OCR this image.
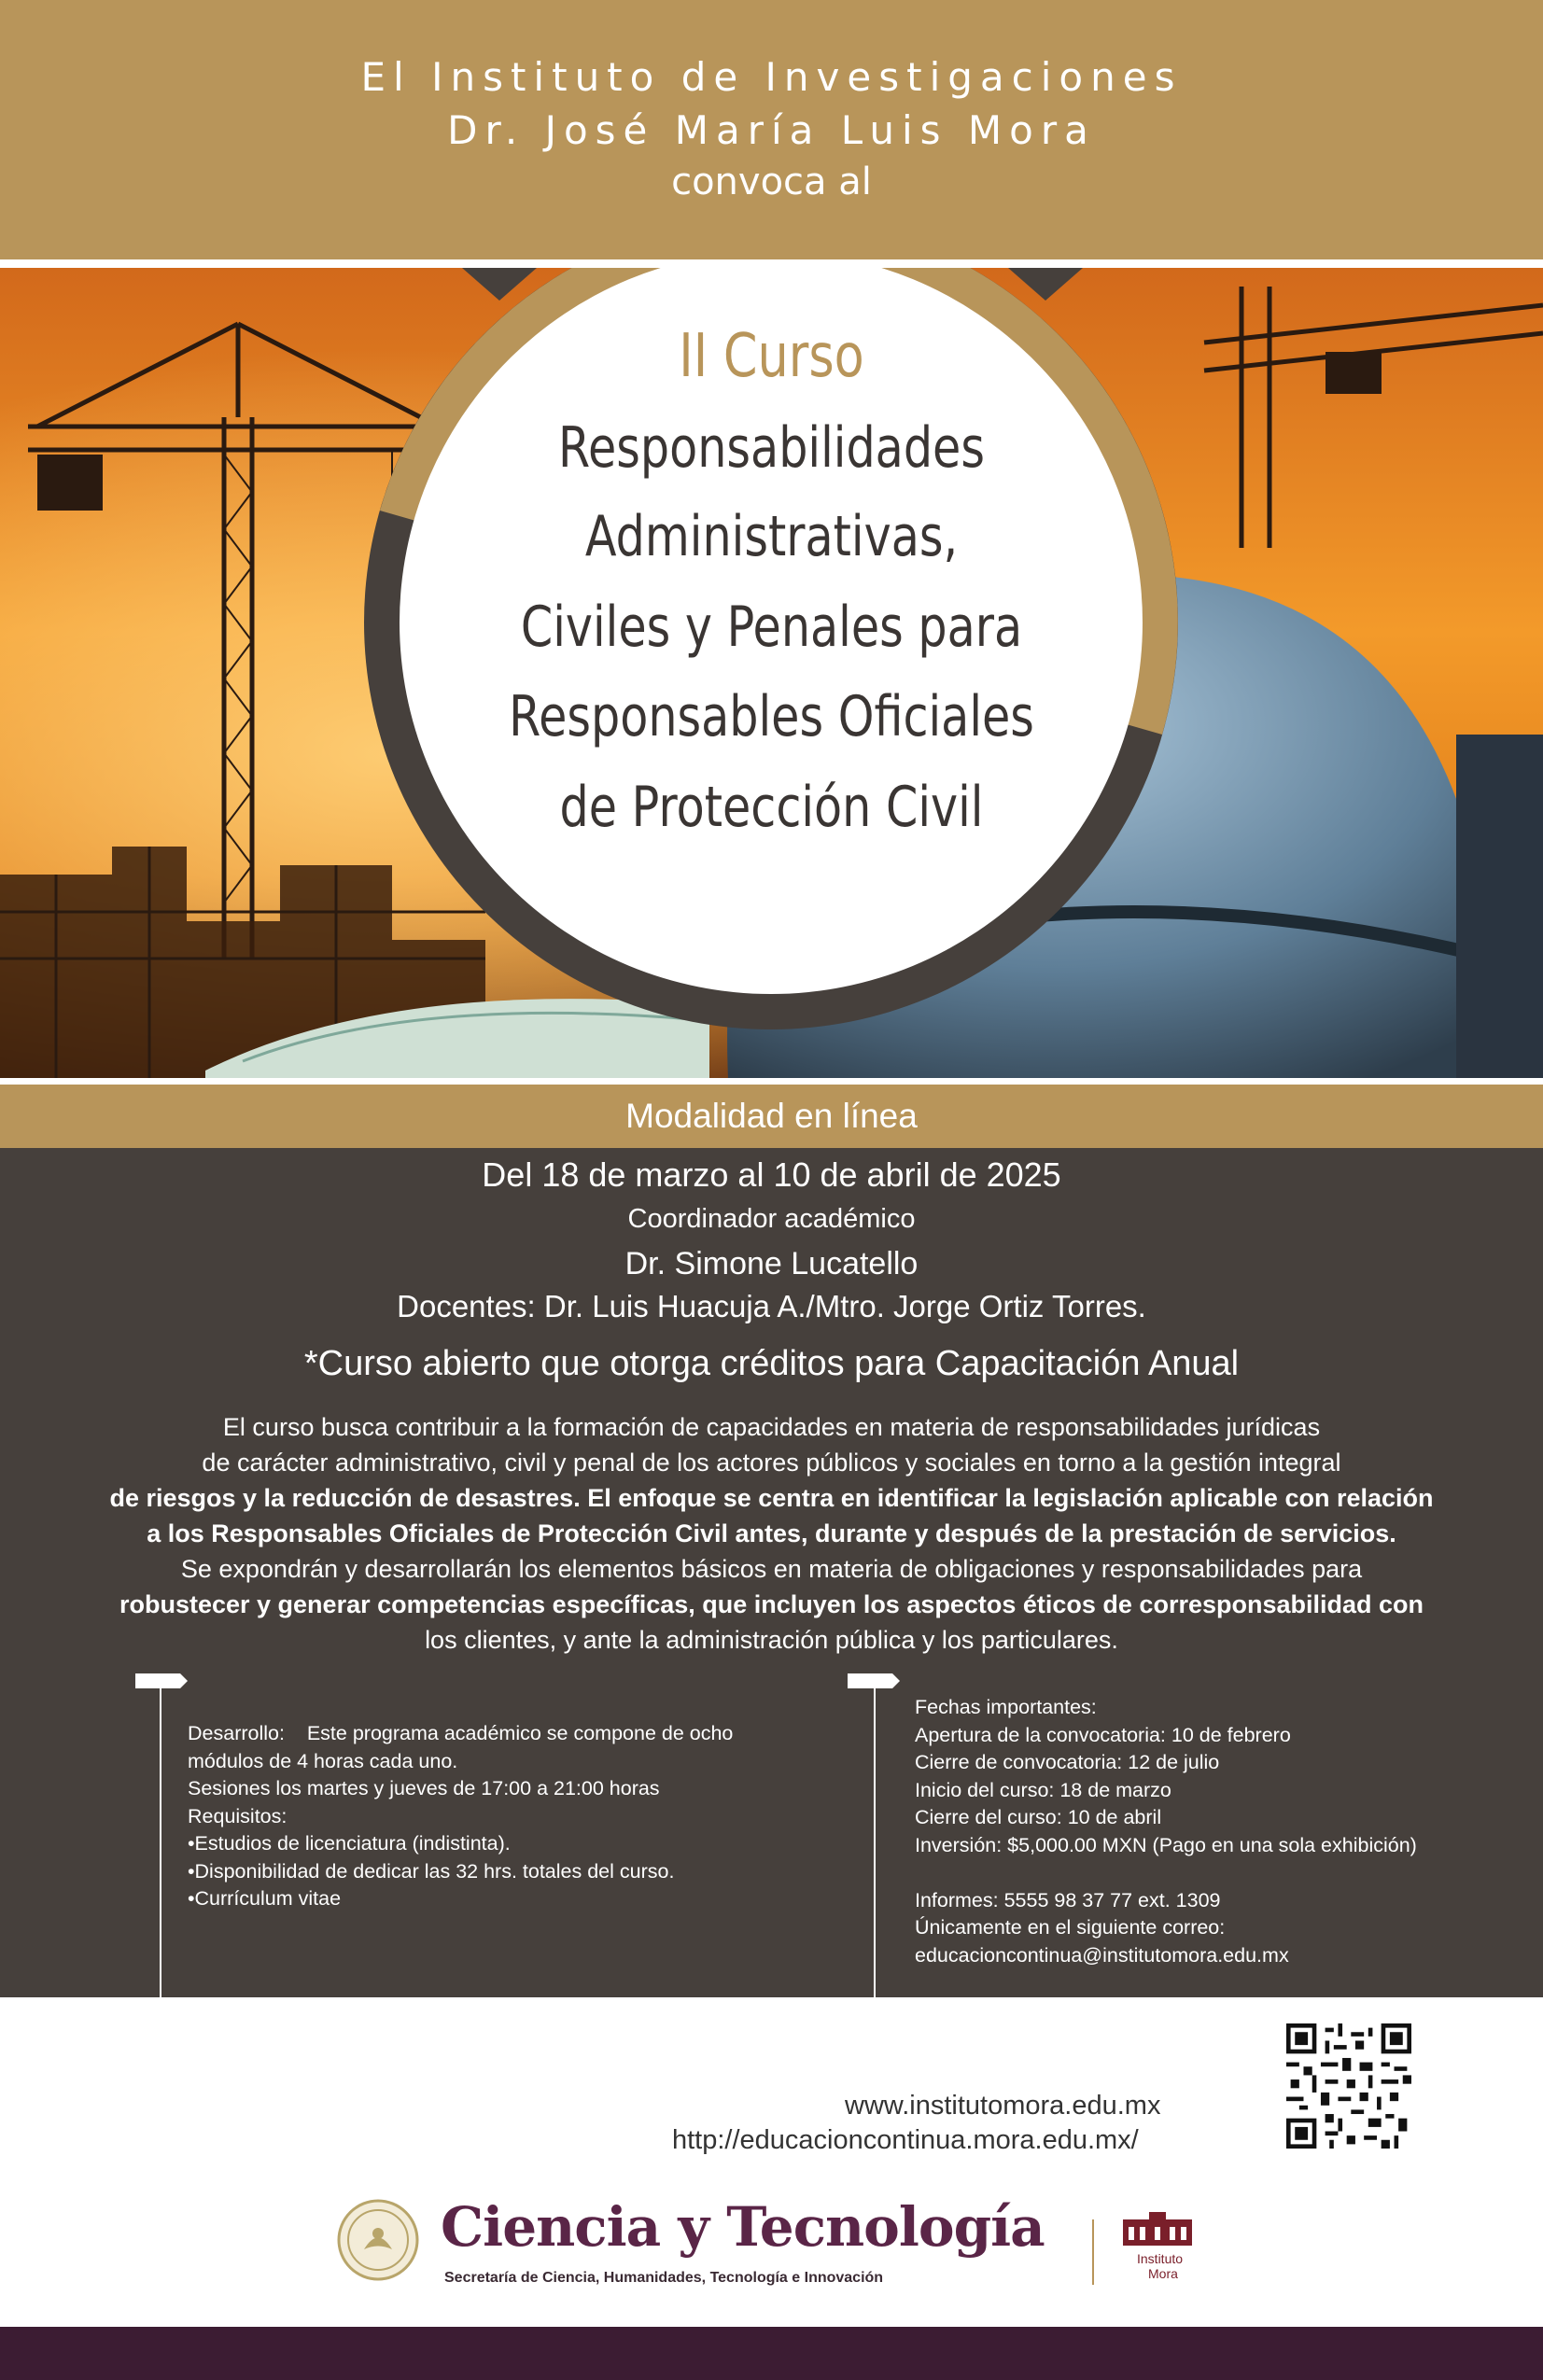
El Instituto de Investigaciones
Dr. José María Luis Mora
convoca al
II Curso
Responsabilidades
Administrativas,
Civiles y Penales para
Responsables Oficiales
de Protección Civil
Modalidad en línea
Del 18 de marzo al 10 de abril de 2025
Coordinador académico
Dr. Simone Lucatello
Docentes: Dr. Luis Huacuja A./Mtro. Jorge Ortiz Torres.
*Curso abierto que otorga créditos para Capacitación Anual
El curso busca contribuir a la formación de capacidades en materia de responsabilidades jurídicas
de carácter administrativo, civil y penal de los actores públicos y sociales en torno a la gestión integral
de riesgos y la reducción de desastres. El enfoque se centra en identificar la legislación aplicable con relación
a los Responsables Oficiales de Protección Civil antes, durante y después de la prestación de servicios.
Se expondrán y desarrollarán los elementos básicos en materia de obligaciones y responsabilidades para
robustecer y generar competencias específicas, que incluyen los aspectos éticos de corresponsabilidad con
los clientes, y ante la administración pública y los particulares.
Desarrollo:    Este programa académico se compone de ocho
módulos de 4 horas cada uno.
Sesiones los martes y jueves de 17:00 a 21:00 horas
Requisitos:
•Estudios de licenciatura (indistinta).
•Disponibilidad de dedicar las 32 hrs. totales del curso.
•Currículum vitae
Fechas importantes:
Apertura de la convocatoria: 10 de febrero
Cierre de convocatoria: 12 de julio
Inicio del curso: 18 de marzo
Cierre del curso: 10 de abril
Inversión: $5,000.00 MXN (Pago en una sola exhibición)
Informes: 5555 98 37 77 ext. 1309
Únicamente en el siguiente correo:
educacioncontinua@institutomora.edu.mx
www.institutomora.edu.mx
http://educacioncontinua.mora.edu.mx/
Ciencia y Tecnología
Secretaría de Ciencia, Humanidades, Tecnología e Innovación
Instituto
Mora
